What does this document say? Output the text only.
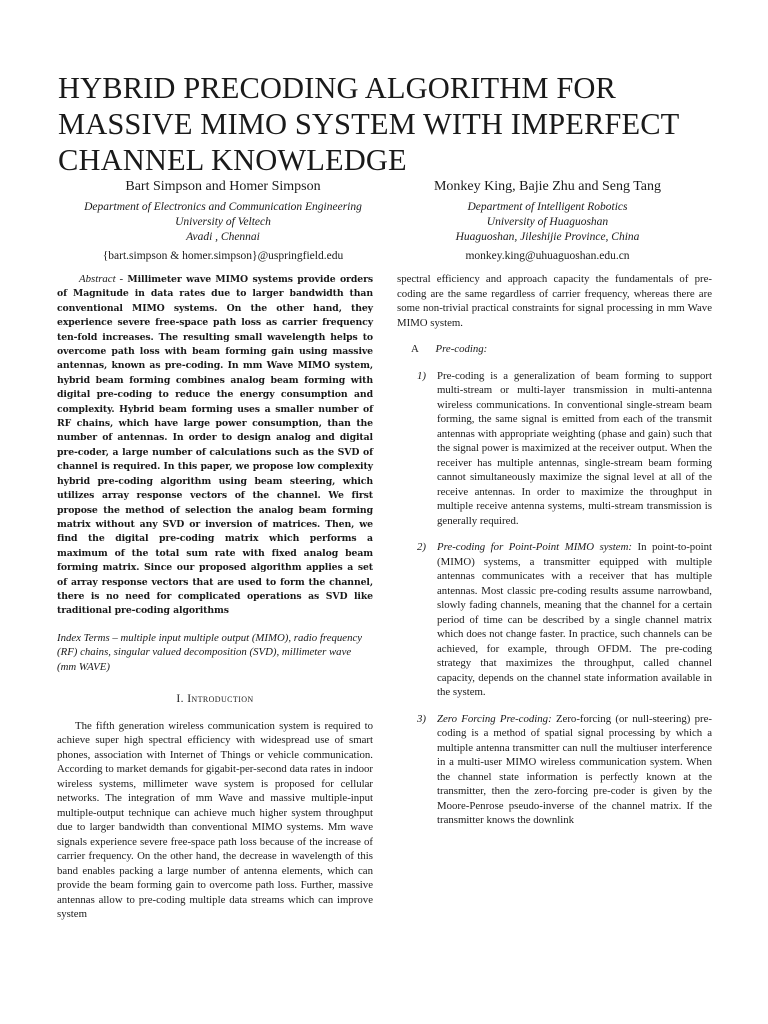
HYBRID PRECODING ALGORITHM FOR MASSIVE MIMO SYSTEM WITH IMPERFECT CHANNEL KNOWLEDGE
Bart Simpson and Homer Simpson
Department of Electronics and Communication Engineering
University of Veltech
Avadi , Chennai
{bart.simpson & homer.simpson}@uspringfield.edu
Monkey King, Bajie Zhu and Seng Tang
Department of Intelligent Robotics
University of Huaguoshan
Huaguoshan, Jileshijie Province, China
monkey.king@uhuaguoshan.edu.cn
Abstract - Millimeter wave MIMO systems provide orders of Magnitude in data rates due to larger bandwidth than conventional MIMO systems. On the other hand, they experience severe free-space path loss as carrier frequency ten-fold increases. The resulting small wavelength helps to overcome path loss with beam forming gain using massive antennas, known as pre-coding. In mm Wave MIMO system, hybrid beam forming combines analog beam forming with digital pre-coding to reduce the energy consumption and complexity. Hybrid beam forming uses a smaller number of RF chains, which have large power consumption, than the number of antennas. In order to design analog and digital pre-coder, a large number of calculations such as the SVD of channel is required. In this paper, we propose low complexity hybrid pre-coding algorithm using beam steering, which utilizes array response vectors of the channel. We first propose the method of selection the analog beam forming matrix without any SVD or inversion of matrices. Then, we find the digital pre-coding matrix which performs a maximum of the total sum rate with fixed analog beam forming matrix. Since our proposed algorithm applies a set of array response vectors that are used to form the channel, there is no need for complicated operations as SVD like traditional pre-coding algorithms
Index Terms – multiple input multiple output (MIMO), radio frequency (RF) chains, singular valued decomposition (SVD), millimeter wave (mm WAVE)
I. Introduction

The fifth generation wireless communication system is required to achieve super high spectral efficiency with widespread use of smart phones, association with Internet of Things or vehicle communication. According to market demands for gigabit-per-second data rates in indoor wireless systems, millimeter wave system is proposed for cellular networks. The integration of mm Wave and massive multiple-input multiple-output technique can achieve much higher system throughput due to larger bandwidth than conventional MIMO systems. Mm wave signals experience severe free-space path loss because of the increase of carrier frequency. On the other hand, the decrease in wavelength of this band enables packing a large number of antenna elements, which can provide the beam forming gain to overcome path loss. Further, massive antennas allow to pre-coding multiple data streams which can improve system

spectral efficiency and approach capacity the fundamentals of pre-coding are the same regardless of carrier frequency, whereas there are some non-trivial practical constraints for signal processing in mm Wave MIMO system.

A Pre-coding:
1) Pre-coding is a generalization of beam forming to support multi-stream or multi-layer transmission in multi-antenna wireless communications. In conventional single-stream beam forming, the same signal is emitted from each of the transmit antennas with appropriate weighting (phase and gain) such that the signal power is maximized at the receiver output. When the receiver has multiple antennas, single-stream beam forming cannot simultaneously maximize the signal level at all of the receive antennas. In order to maximize the throughput in multiple receive antenna systems, multi-stream transmission is generally required.
2) Pre-coding for Point-Point MIMO system: In point-to-point (MIMO) systems, a transmitter equipped with multiple antennas communicates with a receiver that has multiple antennas. Most classic pre-coding results assume narrowband, slowly fading channels, meaning that the channel for a certain period of time can be described by a single channel matrix which does not change faster. In practice, such channels can be achieved, for example, through OFDM. The pre-coding strategy that maximizes the throughput, called channel capacity, depends on the channel state information available in the system.
3) Zero Forcing Pre-coding: Zero-forcing (or null-steering) pre-coding is a method of spatial signal processing by which a multiple antenna transmitter can null the multiuser interference in a multi-user MIMO wireless communication system. When the channel state information is perfectly known at the transmitter, then the zero-forcing pre-coder is given by the Moore-Penrose pseudo-inverse of the channel matrix. If the transmitter knows the downlink
